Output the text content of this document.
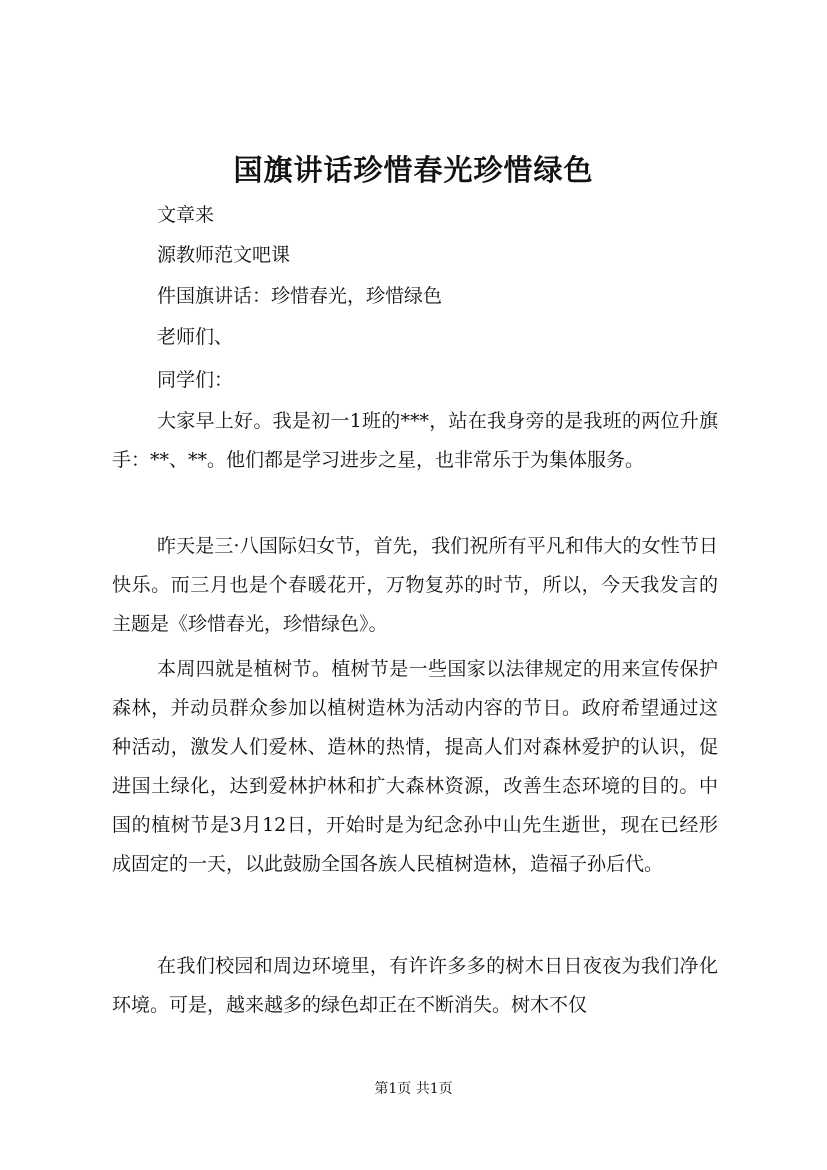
国旗讲话珍惜春光珍惜绿色
文章来
源教师范文吧课
件国旗讲话：珍惜春光，珍惜绿色
老师们、
同学们：
大家早上好。我是初一1班的***，站在我身旁的是我班的两位升旗手：**、**。他们都是学习进步之星，也非常乐于为集体服务。
昨天是三·八国际妇女节，首先，我们祝所有平凡和伟大的女性节日快乐。而三月也是个春暖花开，万物复苏的时节，所以，今天我发言的主题是《珍惜春光，珍惜绿色》。
本周四就是植树节。植树节是一些国家以法律规定的用来宣传保护森林，并动员群众参加以植树造林为活动内容的节日。政府希望通过这种活动，激发人们爱林、造林的热情，提高人们对森林爱护的认识，促进国土绿化，达到爱林护林和扩大森林资源，改善生态环境的目的。中国的植树节是3月12日，开始时是为纪念孙中山先生逝世，现在已经形成固定的一天，以此鼓励全国各族人民植树造林，造福子孙后代。
在我们校园和周边环境里，有许许多多的树木日日夜夜为我们净化环境。可是，越来越多的绿色却正在不断消失。树木不仅
第1页 共1页
